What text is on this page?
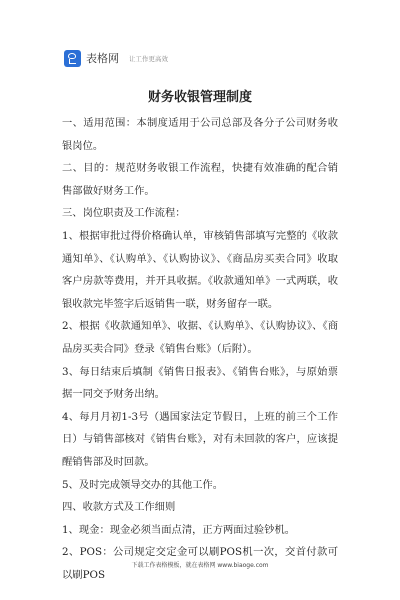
表格网 让工作更高效
财务收银管理制度

一、适用范围：本制度适用于公司总部及各分子公司财务收银岗位。

二、目的：规范财务收银工作流程，快捷有效准确的配合销售部做好财务工作。

三、岗位职责及工作流程：

1、根据审批过得价格确认单，审核销售部填写完整的《收款通知单》、《认购单》、《认购协议》、《商品房买卖合同》收取客户房款等费用，并开具收据。《收款通知单》一式两联，收银收款完毕签字后返销售一联，财务留存一联。

2、根据《收款通知单》、收据、《认购单》、《认购协议》、《商品房买卖合同》登录《销售台账》（后附）。

3、每日结束后填制《销售日报表》、《销售台账》，与原始票据一同交予财务出纳。

4、每月月初1-3号（遇国家法定节假日，上班的前三个工作日）与销售部核对《销售台账》，对有未回款的客户，应该提醒销售部及时回款。

5、及时完成领导交办的其他工作。

四、收款方式及工作细则

1、现金：现金必须当面点清，正方两面过验钞机。

2、POS：公司规定交定金可以刷POS机一次，交首付款可以刷POS

下载工作表格模板，就在表格网 www.biaoge.com
